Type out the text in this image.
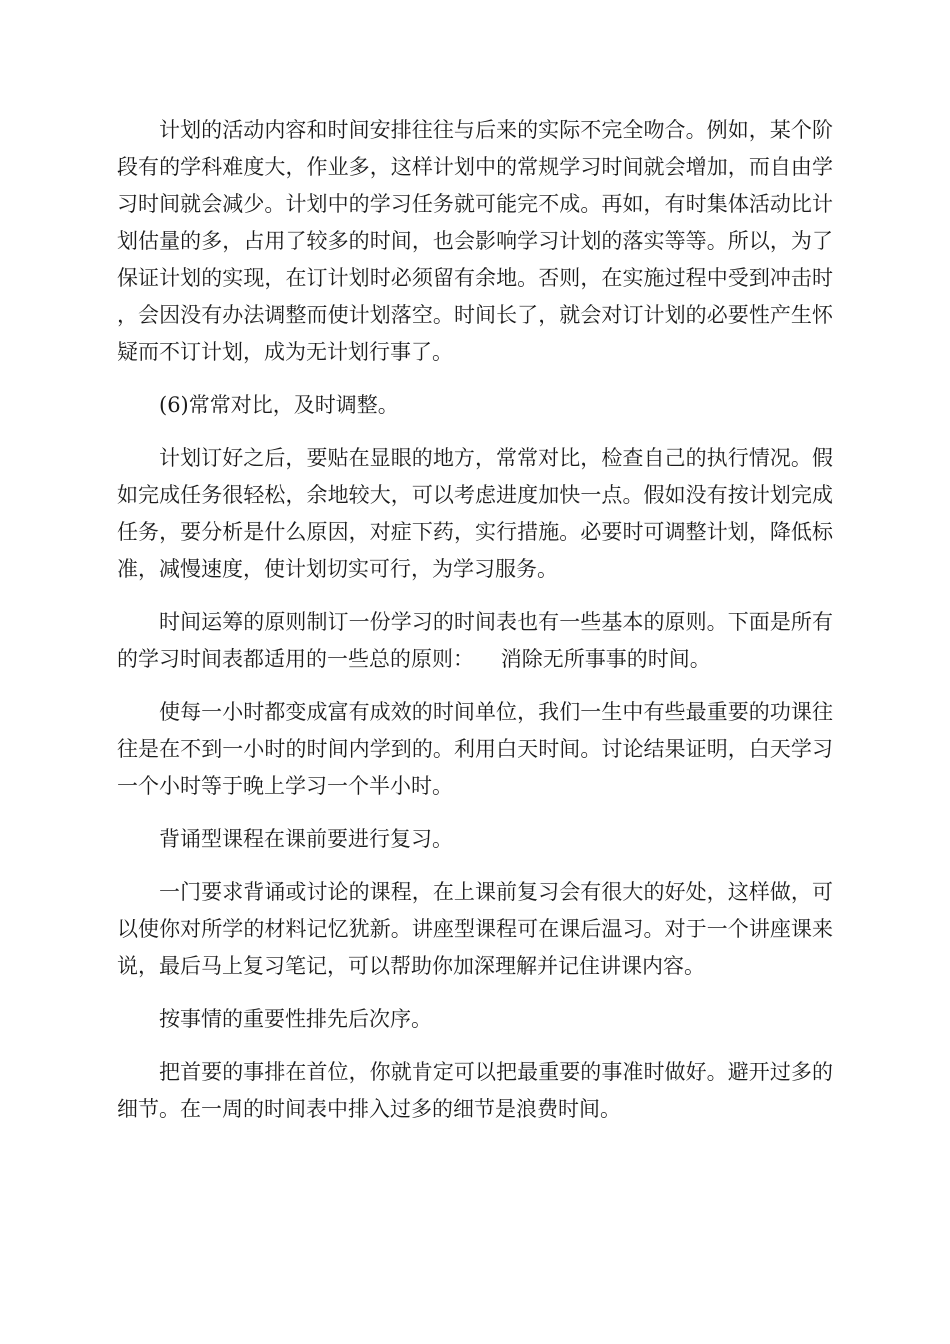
计划的活动内容和时间安排往往与后来的实际不完全吻合。例如，某个阶段有的学科难度大，作业多，这样计划中的常规学习时间就会增加，而自由学习时间就会减少。计划中的学习任务就可能完不成。再如，有时集体活动比计划估量的多，占用了较多的时间，也会影响学习计划的落实等等。所以，为了保证计划的实现，在订计划时必须留有余地。否则，在实施过程中受到冲击时，会因没有办法调整而使计划落空。时间长了，就会对订计划的必要性产生怀疑而不订计划，成为无计划行事了。

(6)常常对比，及时调整。

计划订好之后，要贴在显眼的地方，常常对比，检查自己的执行情况。假如完成任务很轻松，余地较大，可以考虑进度加快一点。假如没有按计划完成任务，要分析是什么原因，对症下药，实行措施。必要时可调整计划，降低标准，减慢速度，使计划切实可行，为学习服务。

时间运筹的原则制订一份学习的时间表也有一些基本的原则。下面是所有的学习时间表都适用的一些总的原则：    消除无所事事的时间。

使每一小时都变成富有成效的时间单位，我们一生中有些最重要的功课往往是在不到一小时的时间内学到的。利用白天时间。讨论结果证明，白天学习一个小时等于晚上学习一个半小时。

背诵型课程在课前要进行复习。

一门要求背诵或讨论的课程，在上课前复习会有很大的好处，这样做，可以使你对所学的材料记忆犹新。讲座型课程可在课后温习。对于一个讲座课来说，最后马上复习笔记，可以帮助你加深理解并记住讲课内容。

按事情的重要性排先后次序。

把首要的事排在首位，你就肯定可以把最重要的事准时做好。避开过多的细节。在一周的时间表中排入过多的细节是浪费时间。
